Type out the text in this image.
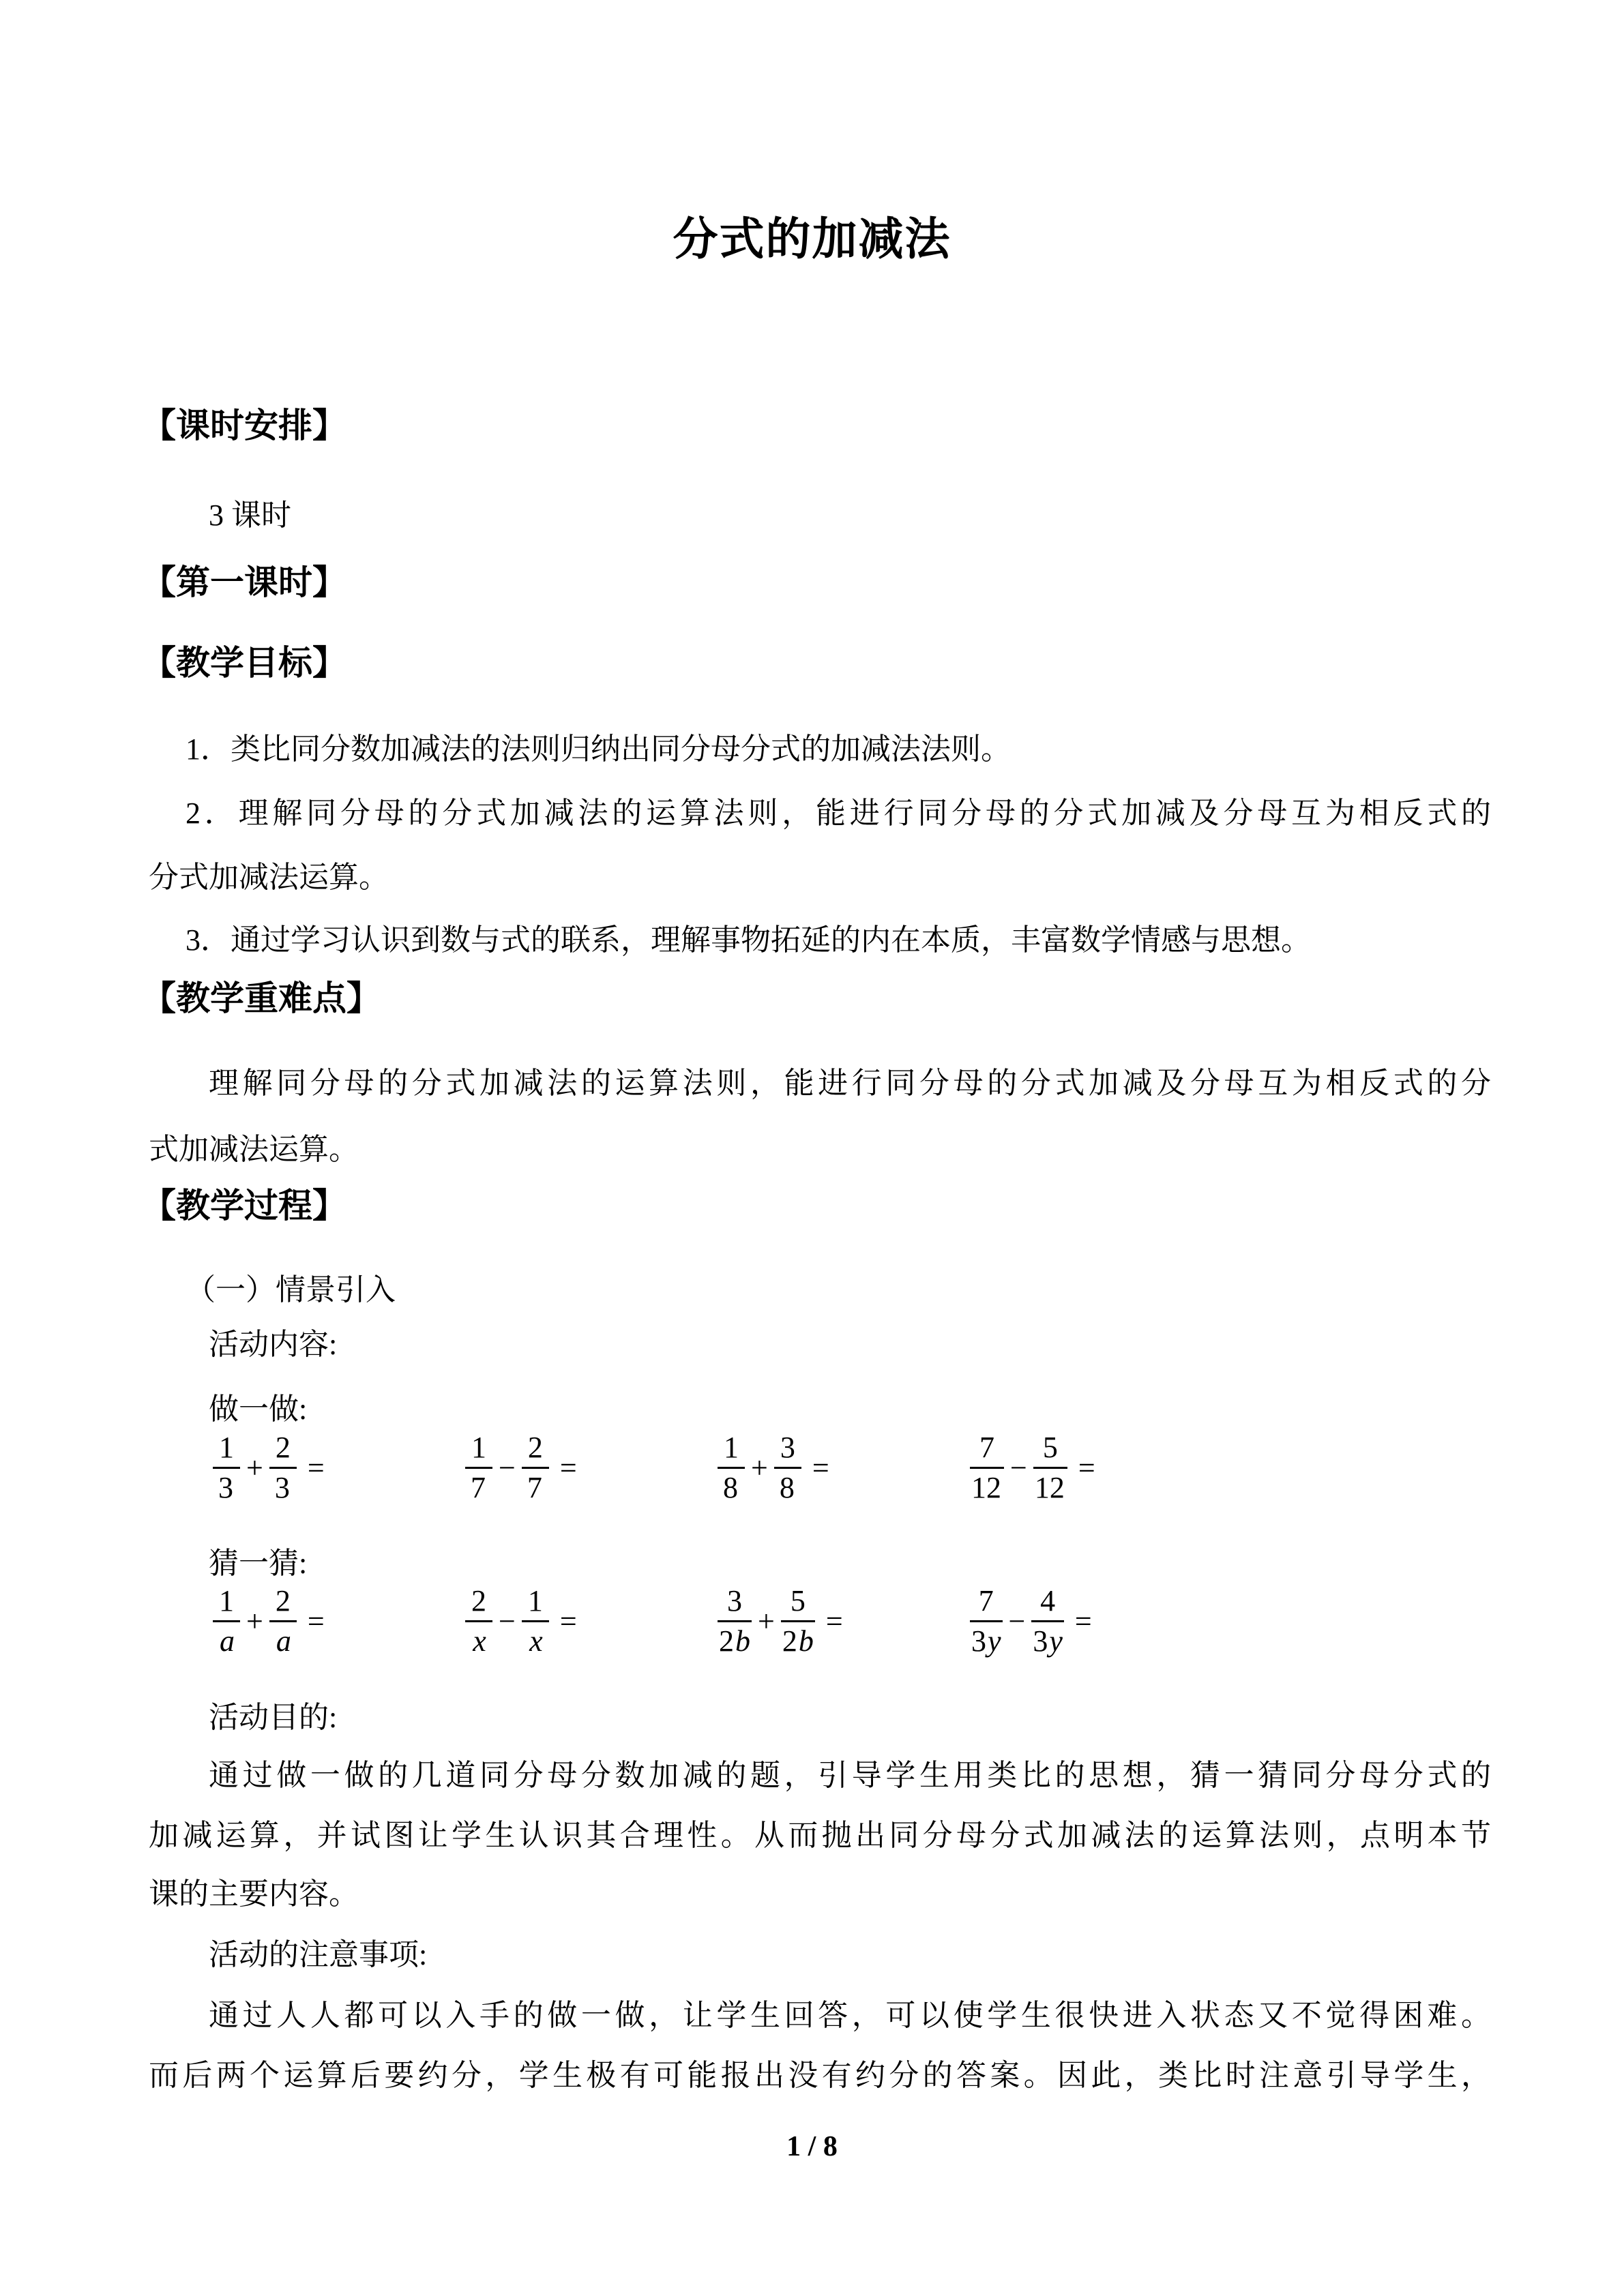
分式的加减法
【课时安排】
3 课时
【第一课时】
【教学目标】
1．类比同分数加减法的法则归纳出同分母分式的加减法法则。
2．理解同分母的分式加减法的运算法则，能进行同分母的分式加减及分母互为相反式的
分式加减法运算。
3．通过学习认识到数与式的联系，理解事物拓延的内在本质，丰富数学情感与思想。
【教学重难点】
理解同分母的分式加减法的运算法则，能进行同分母的分式加减及分母互为相反式的分
式加减法运算。
【教学过程】
（一）情景引入
活动内容:
做一做:
$\frac{1}{3} + \frac{2}{3}$ =	$\frac{1}{7} - \frac{2}{7}$ =	$\frac{1}{8} + \frac{3}{8}$ =	$\frac{7}{12} - \frac{5}{12}$ =
猜一猜:
$\frac{1}{a} + \frac{2}{a}$ =	$\frac{2}{x} - \frac{1}{x}$ =	$\frac{3}{2b} + \frac{5}{2b}$ =	$\frac{7}{3y} - \frac{4}{3y}$ =
活动目的:
通过做一做的几道同分母分数加减的题，引导学生用类比的思想，猜一猜同分母分式的
加减运算，并试图让学生认识其合理性。从而抛出同分母分式加减法的运算法则，点明本节
课的主要内容。
活动的注意事项:
通过人人都可以入手的做一做，让学生回答，可以使学生很快进入状态又不觉得困难。
而后两个运算后要约分，学生极有可能报出没有约分的答案。因此，类比时注意引导学生，
1 / 8
